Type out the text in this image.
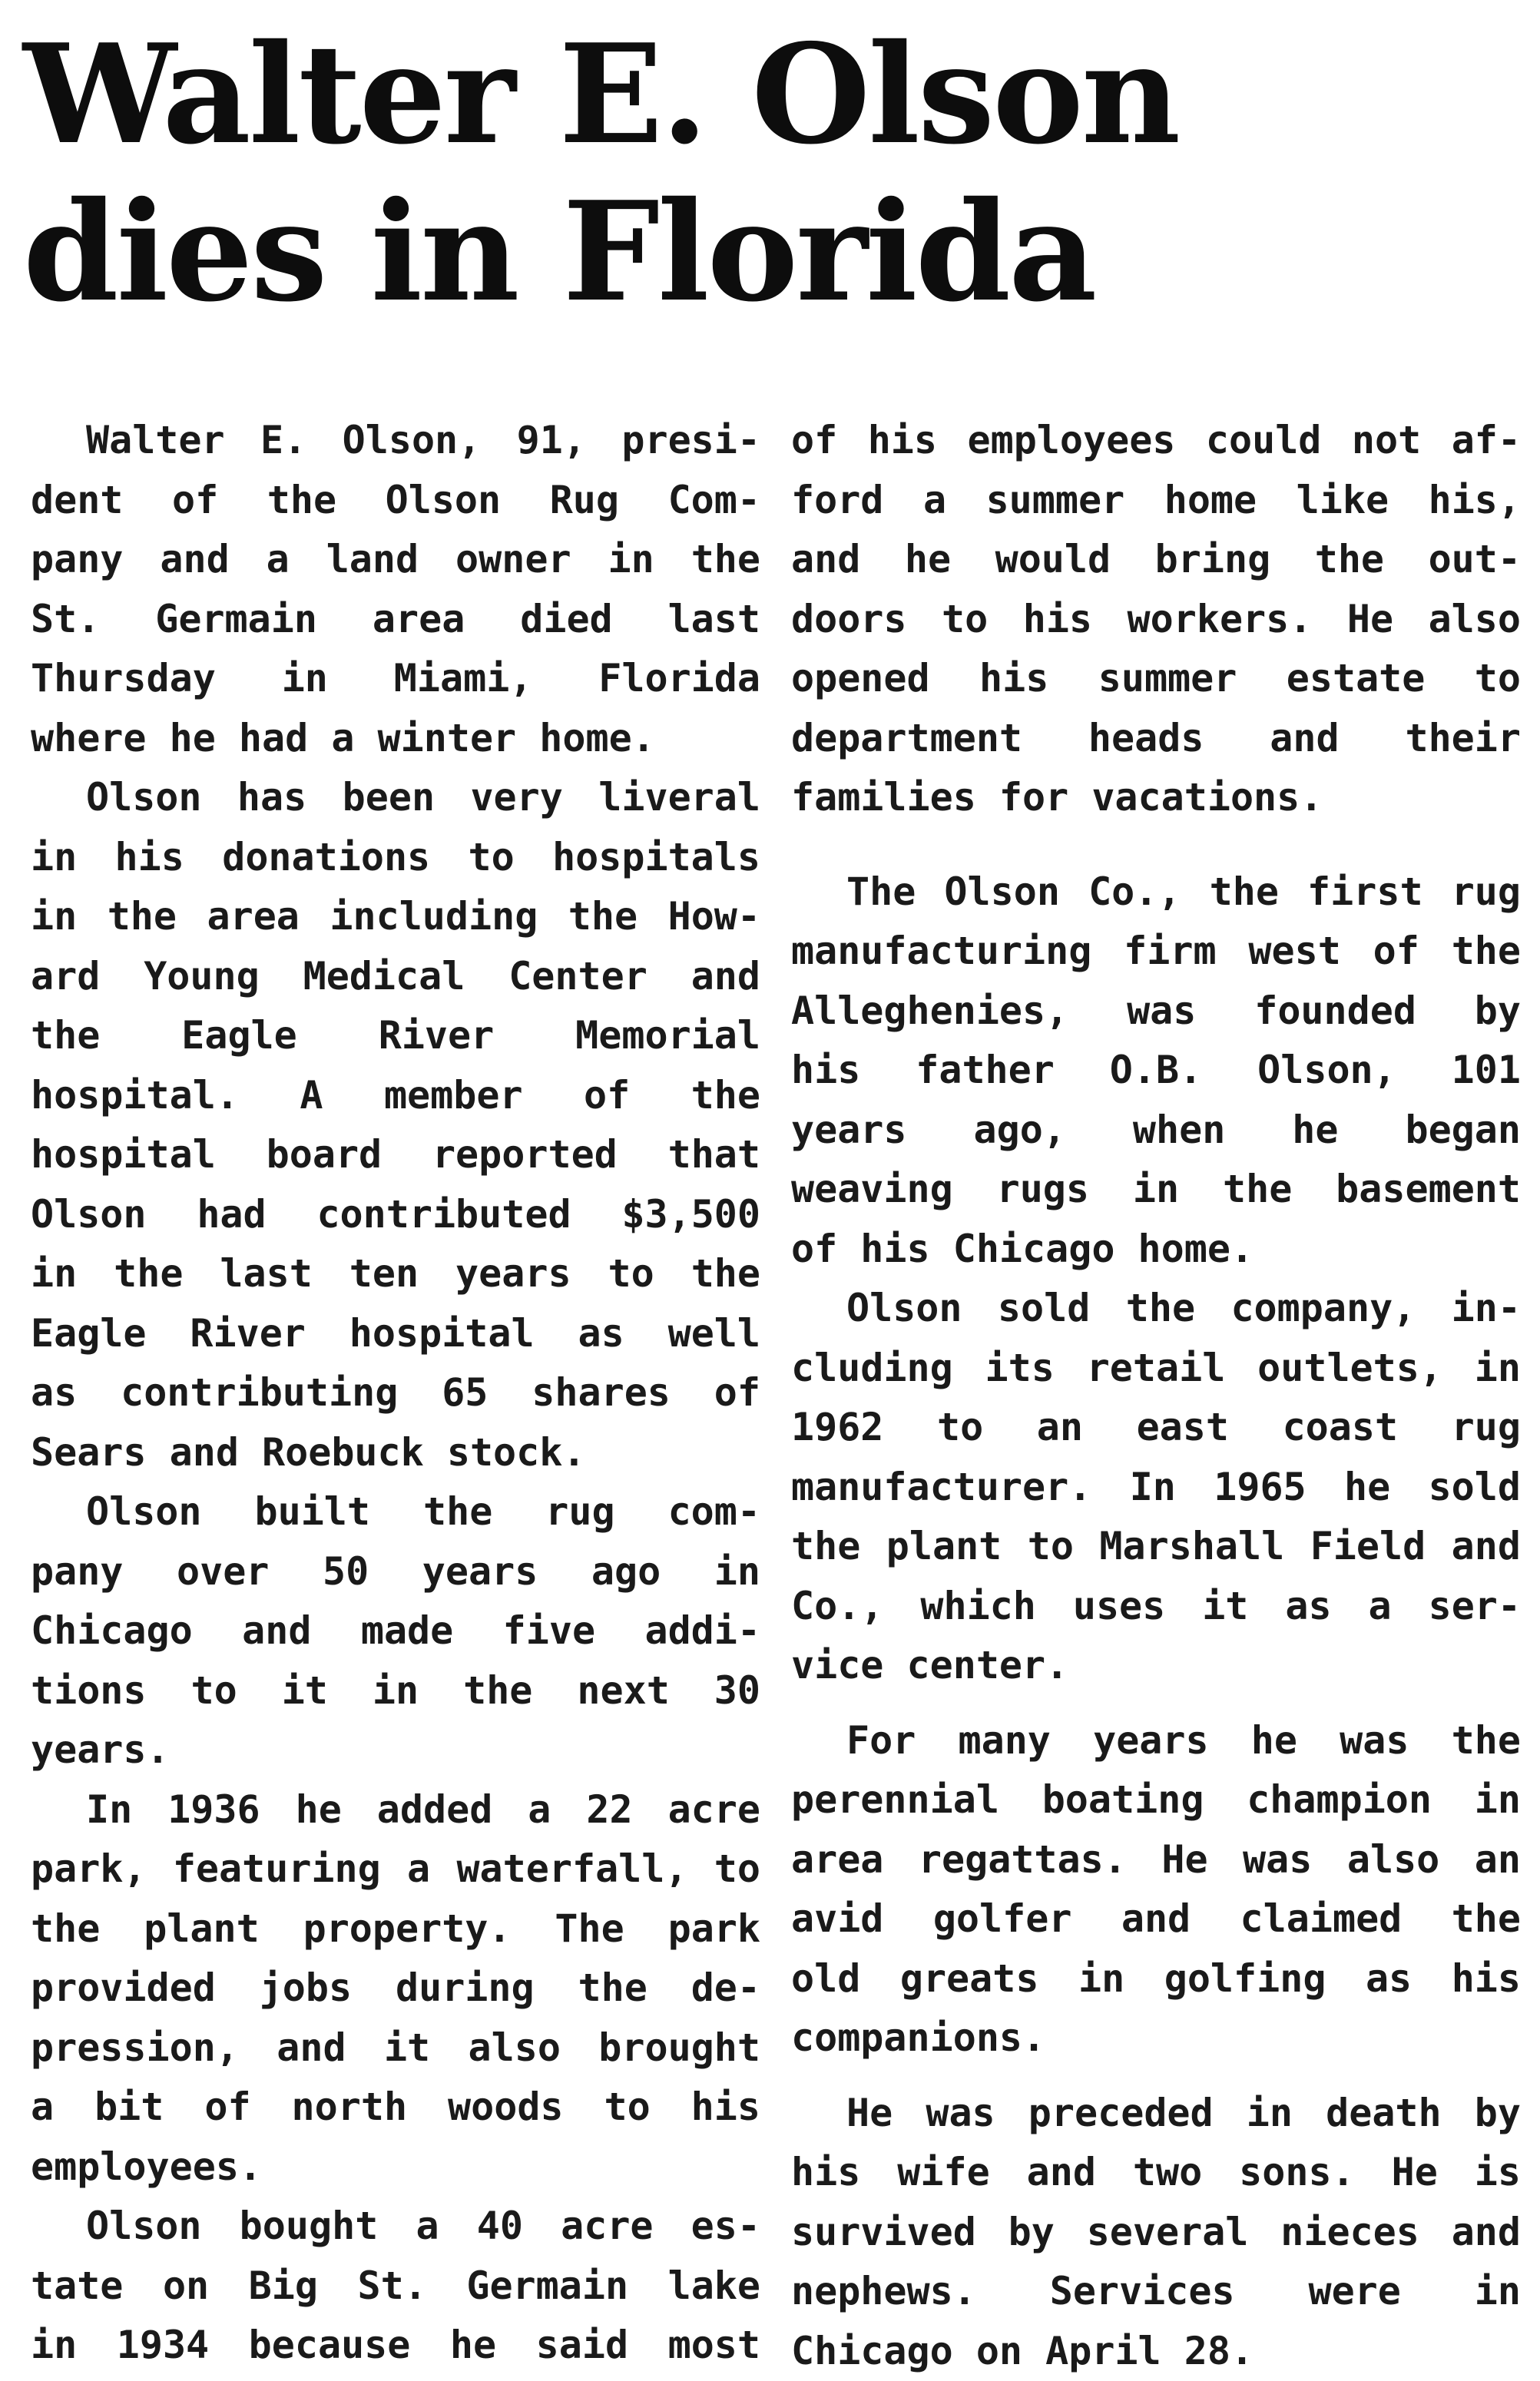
Walter E. Olson
dies in Florida
Walter E. Olson, 91, presi-
dent of the Olson Rug Com-
pany and a land owner in the
St. Germain area died last
Thursday in Miami, Florida
where he had a winter home.
Olson has been very liveral
in his donations to hospitals
in the area including the How-
ard Young Medical Center and
the Eagle River Memorial
hospital. A member of the
hospital board reported that
Olson had contributed $3,500
in the last ten years to the
Eagle River hospital as well
as contributing 65 shares of
Sears and Roebuck stock.
Olson built the rug com-
pany over 50 years ago in
Chicago and made five addi-
tions to it in the next 30
years.
In 1936 he added a 22 acre
park, featuring a waterfall, to
the plant property. The park
provided jobs during the de-
pression, and it also brought
a bit of north woods to his
employees.
Olson bought a 40 acre es-
tate on Big St. Germain lake
in 1934 because he said most
of his employees could not af-
ford a summer home like his,
and he would bring the out-
doors to his workers. He also
opened his summer estate to
department heads and their
families for vacations.
The Olson Co., the first rug
manufacturing firm west of the
Alleghenies, was founded by
his father O.B. Olson, 101
years ago, when he began
weaving rugs in the basement
of his Chicago home.
Olson sold the company, in-
cluding its retail outlets, in
1962 to an east coast rug
manufacturer. In 1965 he sold
the plant to Marshall Field and
Co., which uses it as a ser-
vice center.
For many years he was the
perennial boating champion in
area regattas. He was also an
avid golfer and claimed the
old greats in golfing as his
companions.
He was preceded in death by
his wife and two sons. He is
survived by several nieces and
nephews. Services were in
Chicago on April 28.
